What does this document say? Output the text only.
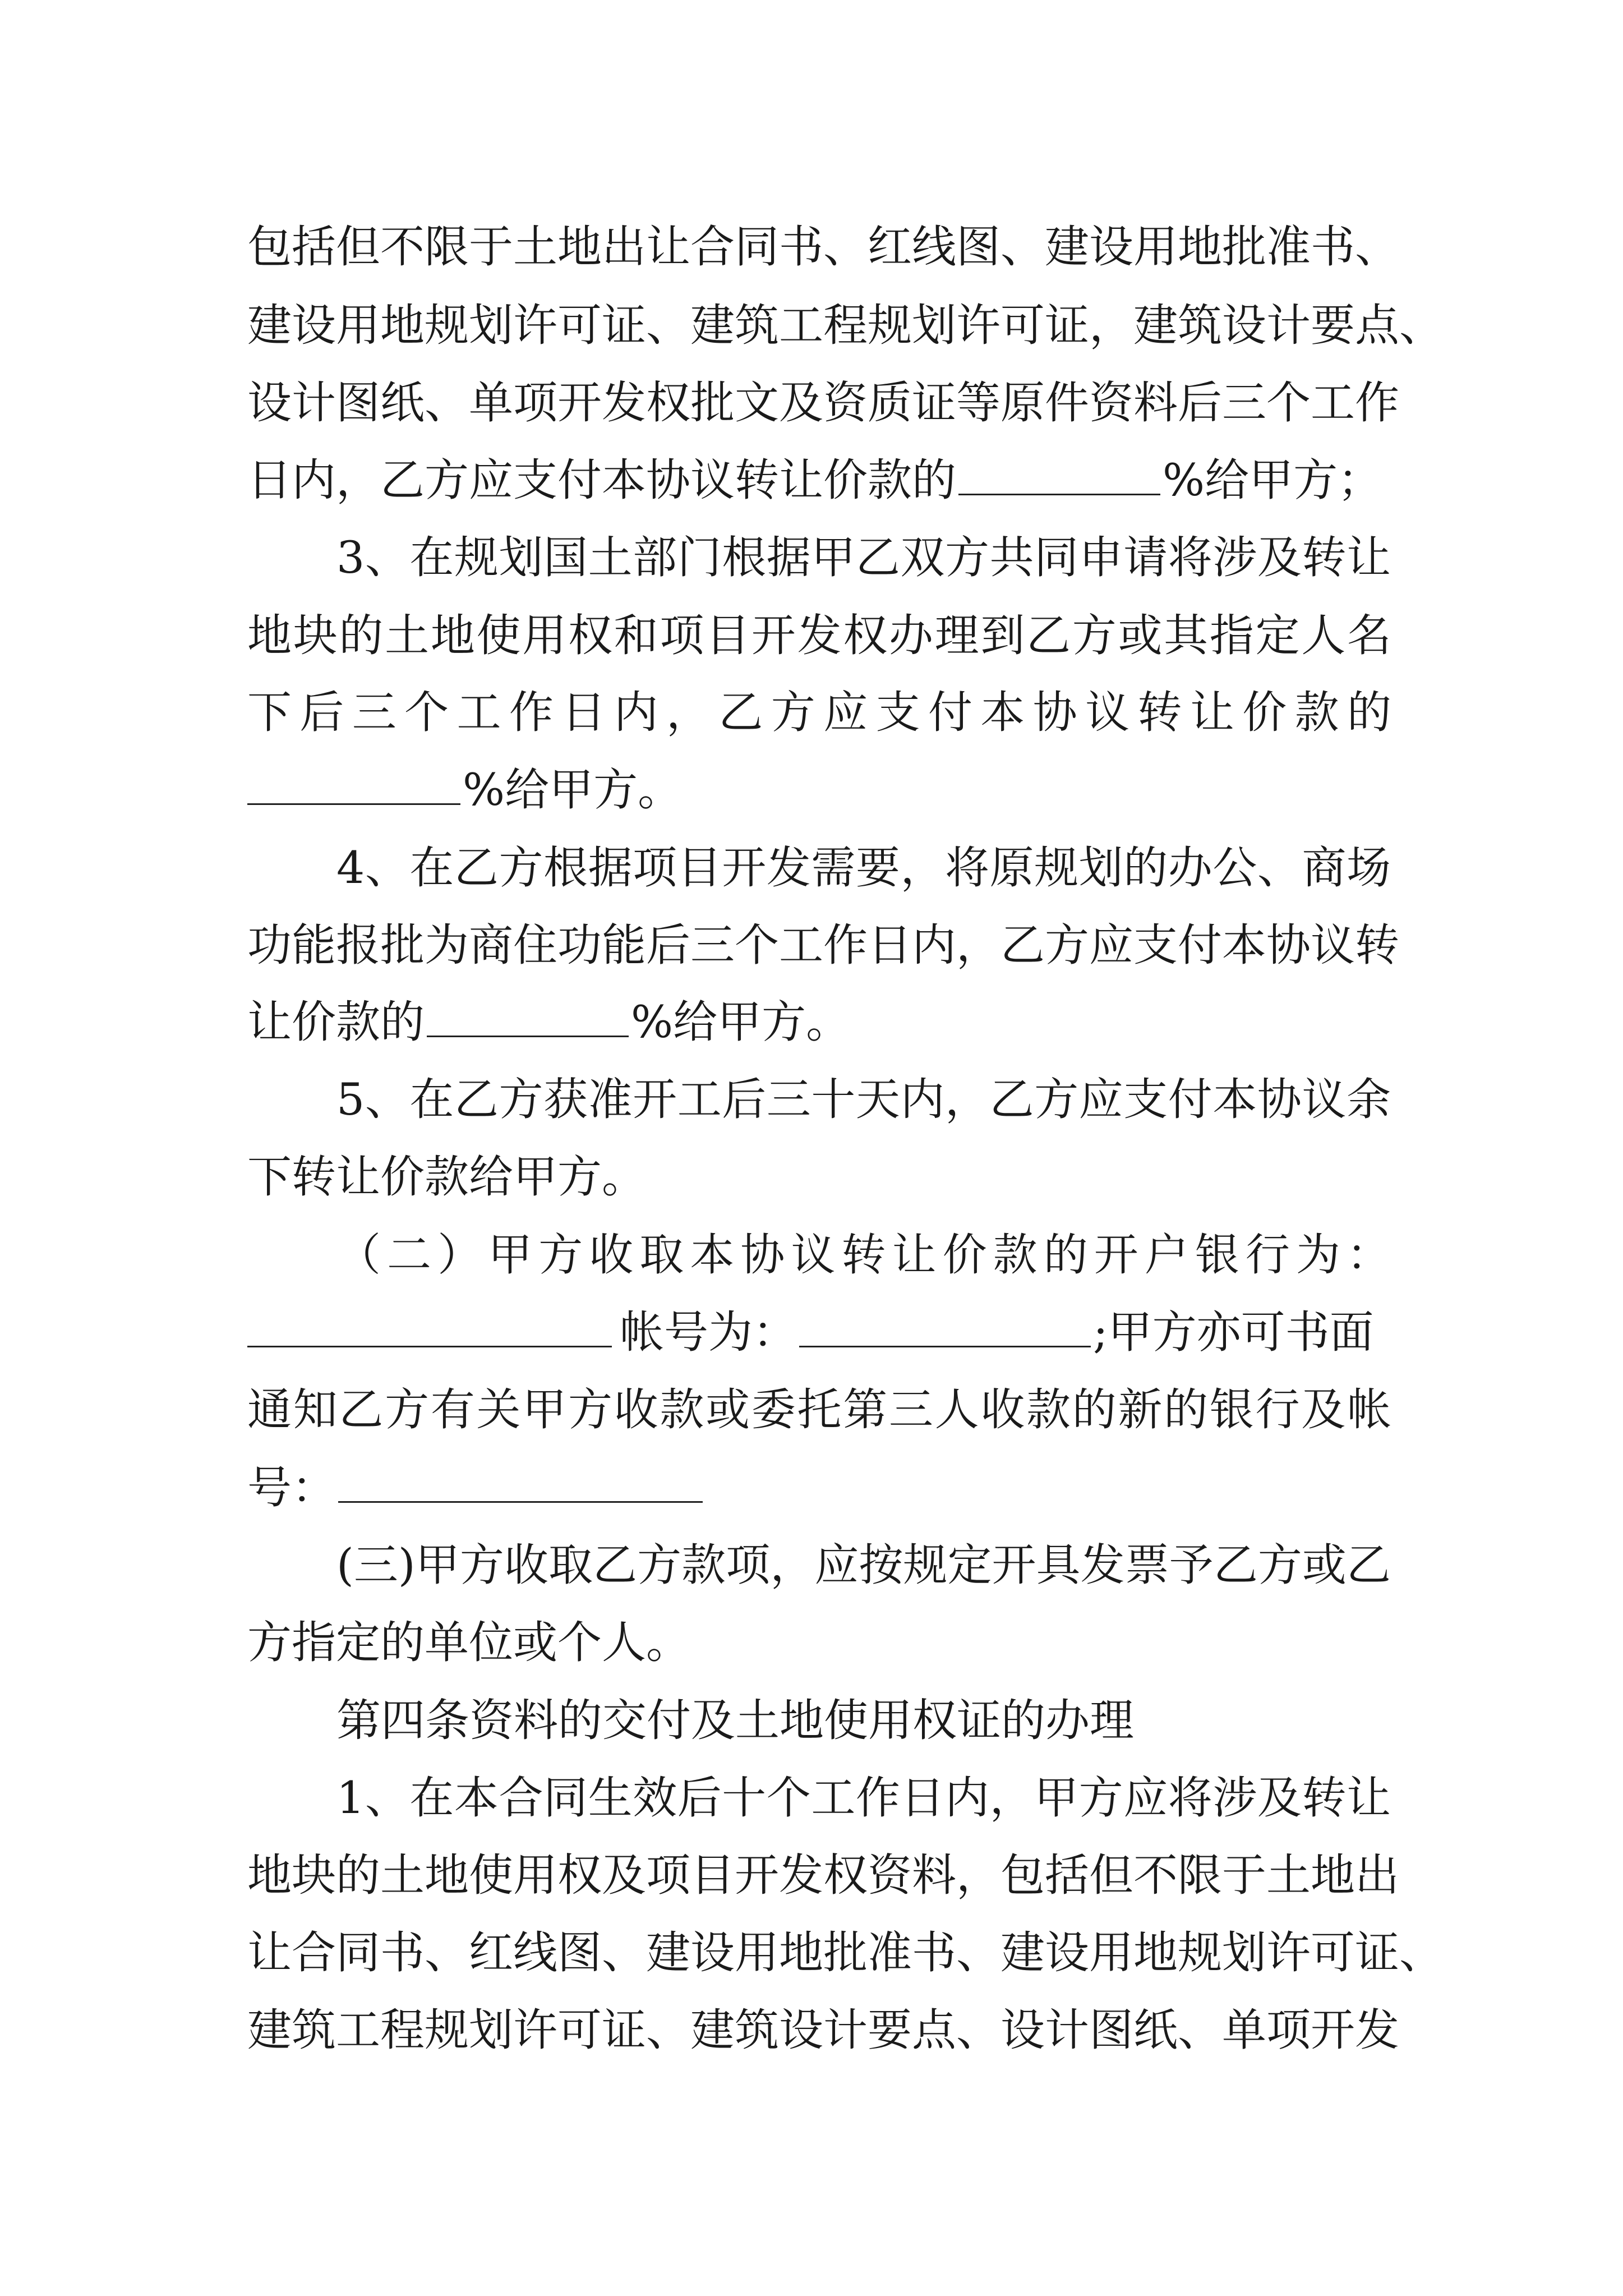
包括但不限于土地出让合同书、红线图、建设用地批准书、
建设用地规划许可证、建筑工程规划许可证，建筑设计要点、
设计图纸、单项开发权批文及资质证等原件资料后三个工作
日内，乙方应支付本协议转让价款的	%给甲方；
3、在规划国土部门根据甲乙双方共同申请将涉及转让
地块的土地使用权和项目开发权办理到乙方或其指定人名
下后三个工作日内，乙方应支付本协议转让价款的
%给甲方。
4、在乙方根据项目开发需要，将原规划的办公、商场
功能报批为商住功能后三个工作日内，乙方应支付本协议转
让价款的	%给甲方。
5、在乙方获准开工后三十天内，乙方应支付本协议余
下转让价款给甲方。
（二）甲方收取本协议转让价款的开户银行为：
帐号为：	;甲方亦可书面
通知乙方有关甲方收款或委托第三人收款的新的银行及帐
号：
(三)甲方收取乙方款项，应按规定开具发票予乙方或乙
方指定的单位或个人。
第四条资料的交付及土地使用权证的办理
1、在本合同生效后十个工作日内，甲方应将涉及转让
地块的土地使用权及项目开发权资料，包括但不限于土地出
让合同书、红线图、建设用地批准书、建设用地规划许可证、
建筑工程规划许可证、建筑设计要点、设计图纸、单项开发
